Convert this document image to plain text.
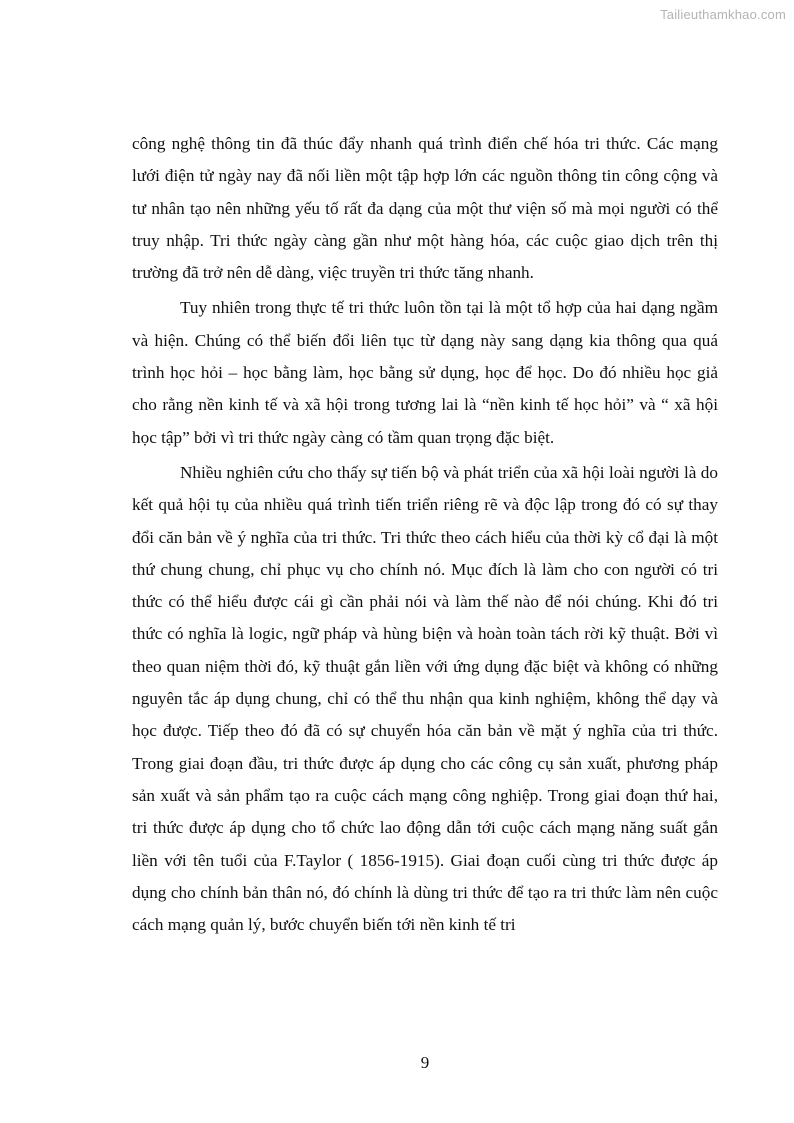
Tailieuthamkhao.com

công nghệ thông tin đã thúc đẩy nhanh quá trình điển chế hóa tri thức. Các mạng lưới điện tử ngày nay đã nối liền một tập hợp lớn các nguồn thông tin công cộng và tư nhân tạo nên những yếu tố rất đa dạng của một thư viện số mà mọi người có thể truy nhập. Tri thức ngày càng gần như một hàng hóa, các cuộc giao dịch trên thị trường đã trở nên dễ dàng, việc truyền tri thức tăng nhanh.

Tuy nhiên trong thực tế tri thức luôn tồn tại là một tổ hợp của hai dạng ngầm và hiện. Chúng có thể biến đổi liên tục từ dạng này sang dạng kia thông qua quá trình học hỏi – học bằng làm, học bằng sử dụng, học để học. Do đó nhiều học giả cho rằng nền kinh tế và xã hội trong tương lai là “nền kinh tế học hỏi” và “ xã hội học tập” bởi vì tri thức ngày càng có tầm quan trọng đặc biệt.

Nhiều nghiên cứu cho thấy sự tiến bộ và phát triển của xã hội loài người là do kết quả hội tụ của nhiều quá trình tiến triển riêng rẽ và độc lập trong đó có sự thay đổi căn bản về ý nghĩa của tri thức. Tri thức theo cách hiểu của thời kỳ cổ đại là một thứ chung chung, chỉ phục vụ cho chính nó. Mục đích là làm cho con người có tri thức có thể hiểu được cái gì cần phải nói và làm thế nào để nói chúng. Khi đó tri thức có nghĩa là logic, ngữ pháp và hùng biện và hoàn toàn tách rời kỹ thuật. Bởi vì theo quan niệm thời đó, kỹ thuật gắn liền với ứng dụng đặc biệt và không có những nguyên tắc áp dụng chung, chỉ có thể thu nhận qua kinh nghiệm, không thể dạy và học được. Tiếp theo đó đã có sự chuyển hóa căn bản về mặt ý nghĩa của tri thức. Trong giai đoạn đầu, tri thức được áp dụng cho các công cụ sản xuất, phương pháp sản xuất và sản phẩm tạo ra cuộc cách mạng công nghiệp. Trong giai đoạn thứ hai, tri thức được áp dụng cho tổ chức lao động dẫn tới cuộc cách mạng năng suất gắn liền với tên tuổi của F.Taylor ( 1856-1915). Giai đoạn cuối cùng tri thức được áp dụng cho chính bản thân nó, đó chính là dùng tri thức để tạo ra tri thức làm nên cuộc cách mạng quản lý, bước chuyển biến tới nền kinh tế tri

9
